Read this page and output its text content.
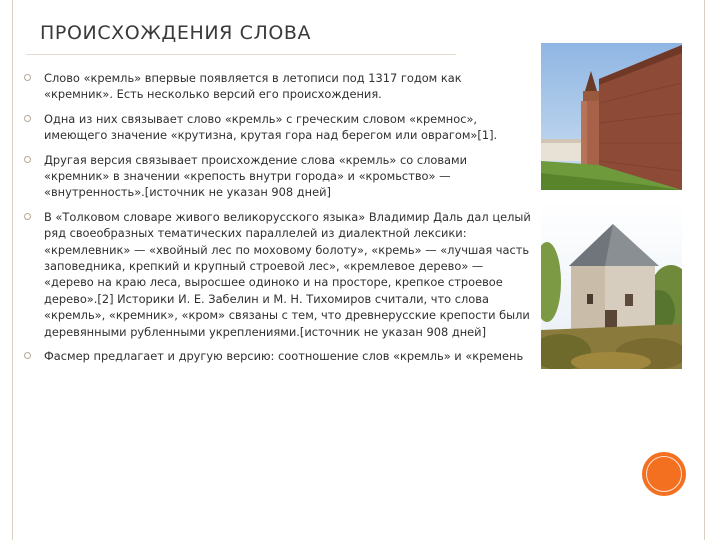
ПРОИСХОЖДЕНИЯ СЛОВА
Слово «кремль» впервые появляется в летописи под 1317 годом как «кремник». Есть несколько версий его происхождения.
Одна из них связывает слово «кремль» с греческим словом «кремнос», имеющего значение «крутизна, крутая гора над берегом или оврагом»[1].
Другая версия связывает происхождение слова «кремль» со словами «кремник» в значении «крепость внутри города» и «кромьство» — «внутренность».[источник не указан 908 дней]
В «Толковом словаре живого великорусского языка» Владимир Даль дал целый ряд своеобразных тематических параллелей из диалектной лексики: «кремлевник» — «хвойный лес по моховому болоту», «кремь» — «лучшая часть заповедника, крепкий и крупный строевой лес», «кремлевое дерево» — «дерево на краю леса, выросшее одиноко и на просторе, крепкое строевое дерево».[2] Историки И. Е. Забелин и М. Н. Тихомиров считали, что слова «кремль», «кремник», «кром» связаны с тем, что древнерусские крепости были деревянными рубленными укреплениями.[источник не указан 908 дней]
Фасмер предлагает и другую версию: соотношение слов «кремль» и «кремень
